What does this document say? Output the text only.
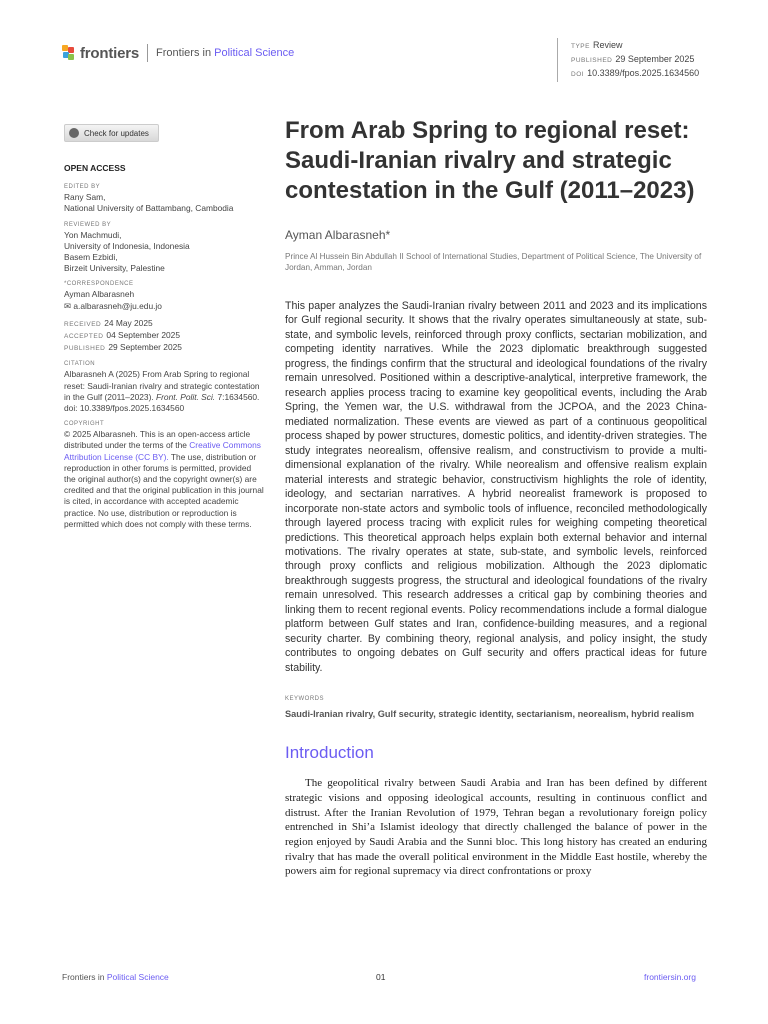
frontiers Frontiers in Political Science
TYPE Review
PUBLISHED 29 September 2025
DOI 10.3389/fpos.2025.1634560
Check for updates
OPEN ACCESS
EDITED BY
Rany Sam,
National University of Battambang, Cambodia
REVIEWED BY
Yon Machmudi,
University of Indonesia, Indonesia
Basem Ezbidi,
Birzeit University, Palestine
*CORRESPONDENCE
Ayman Albarasneh
✉ a.albarasneh@ju.edu.jo
RECEIVED 24 May 2025
ACCEPTED 04 September 2025
PUBLISHED 29 September 2025
CITATION
Albarasneh A (2025) From Arab Spring to regional reset: Saudi-Iranian rivalry and strategic contestation in the Gulf (2011–2023). Front. Polit. Sci. 7:1634560. doi: 10.3389/fpos.2025.1634560
COPYRIGHT
© 2025 Albarasneh. This is an open-access article distributed under the terms of the Creative Commons Attribution License (CC BY). The use, distribution or reproduction in other forums is permitted, provided the original author(s) and the copyright owner(s) are credited and that the original publication in this journal is cited, in accordance with accepted academic practice. No use, distribution or reproduction is permitted which does not comply with these terms.
From Arab Spring to regional reset: Saudi-Iranian rivalry and strategic contestation in the Gulf (2011–2023)
Ayman Albarasneh*
Prince Al Hussein Bin Abdullah II School of International Studies, Department of Political Science, The University of Jordan, Amman, Jordan

This paper analyzes the Saudi-Iranian rivalry between 2011 and 2023 and its implications for Gulf regional security. It shows that the rivalry operates simultaneously at state, sub-state, and symbolic levels, reinforced through proxy conflicts, sectarian mobilization, and competing identity narratives. While the 2023 diplomatic breakthrough suggested progress, the findings confirm that the structural and ideological foundations of the rivalry remain unresolved. Positioned within a descriptive-analytical, interpretive framework, the research applies process tracing to examine key geopolitical events, including the Arab Spring, the Yemen war, the U.S. withdrawal from the JCPOA, and the 2023 China-mediated normalization. These events are viewed as part of a continuous geopolitical process shaped by power structures, domestic politics, and identity-driven strategies. The study integrates neorealism, offensive realism, and constructivism to provide a multi-dimensional explanation of the rivalry. While neorealism and offensive realism explain material interests and strategic behavior, constructivism highlights the role of identity, ideology, and sectarian narratives. A hybrid neorealist framework is proposed to incorporate non-state actors and symbolic tools of influence, reconciled methodologically through layered process tracing with explicit rules for weighing competing theoretical predictions. This theoretical approach helps explain both external behavior and internal motivations. The rivalry operates at state, sub-state, and symbolic levels, reinforced through proxy conflicts and religious mobilization. Although the 2023 diplomatic breakthrough suggests progress, the structural and ideological foundations of the rivalry remain unresolved. This research addresses a critical gap by combining theories and linking them to recent regional events. Policy recommendations include a formal dialogue platform between Gulf states and Iran, confidence-building measures, and a regional security charter. By combining theory, regional analysis, and policy insight, the study contributes to ongoing debates on Gulf security and offers practical ideas for future stability.

KEYWORDS
Saudi-Iranian rivalry, Gulf security, strategic identity, sectarianism, neorealism, hybrid realism
Introduction

The geopolitical rivalry between Saudi Arabia and Iran has been defined by different strategic visions and opposing ideological accounts, resulting in continuous conflict and distrust. After the Iranian Revolution of 1979, Tehran began a revolutionary foreign policy entrenched in Shi’a Islamist ideology that directly challenged the balance of power in the region enjoyed by Saudi Arabia and the Sunni bloc. This long history has created an enduring rivalry that has made the overall political environment in the Middle East hostile, whereby the powers aim for regional supremacy via direct confrontations or proxy

Frontiers in Political Science	01	frontiersin.org
